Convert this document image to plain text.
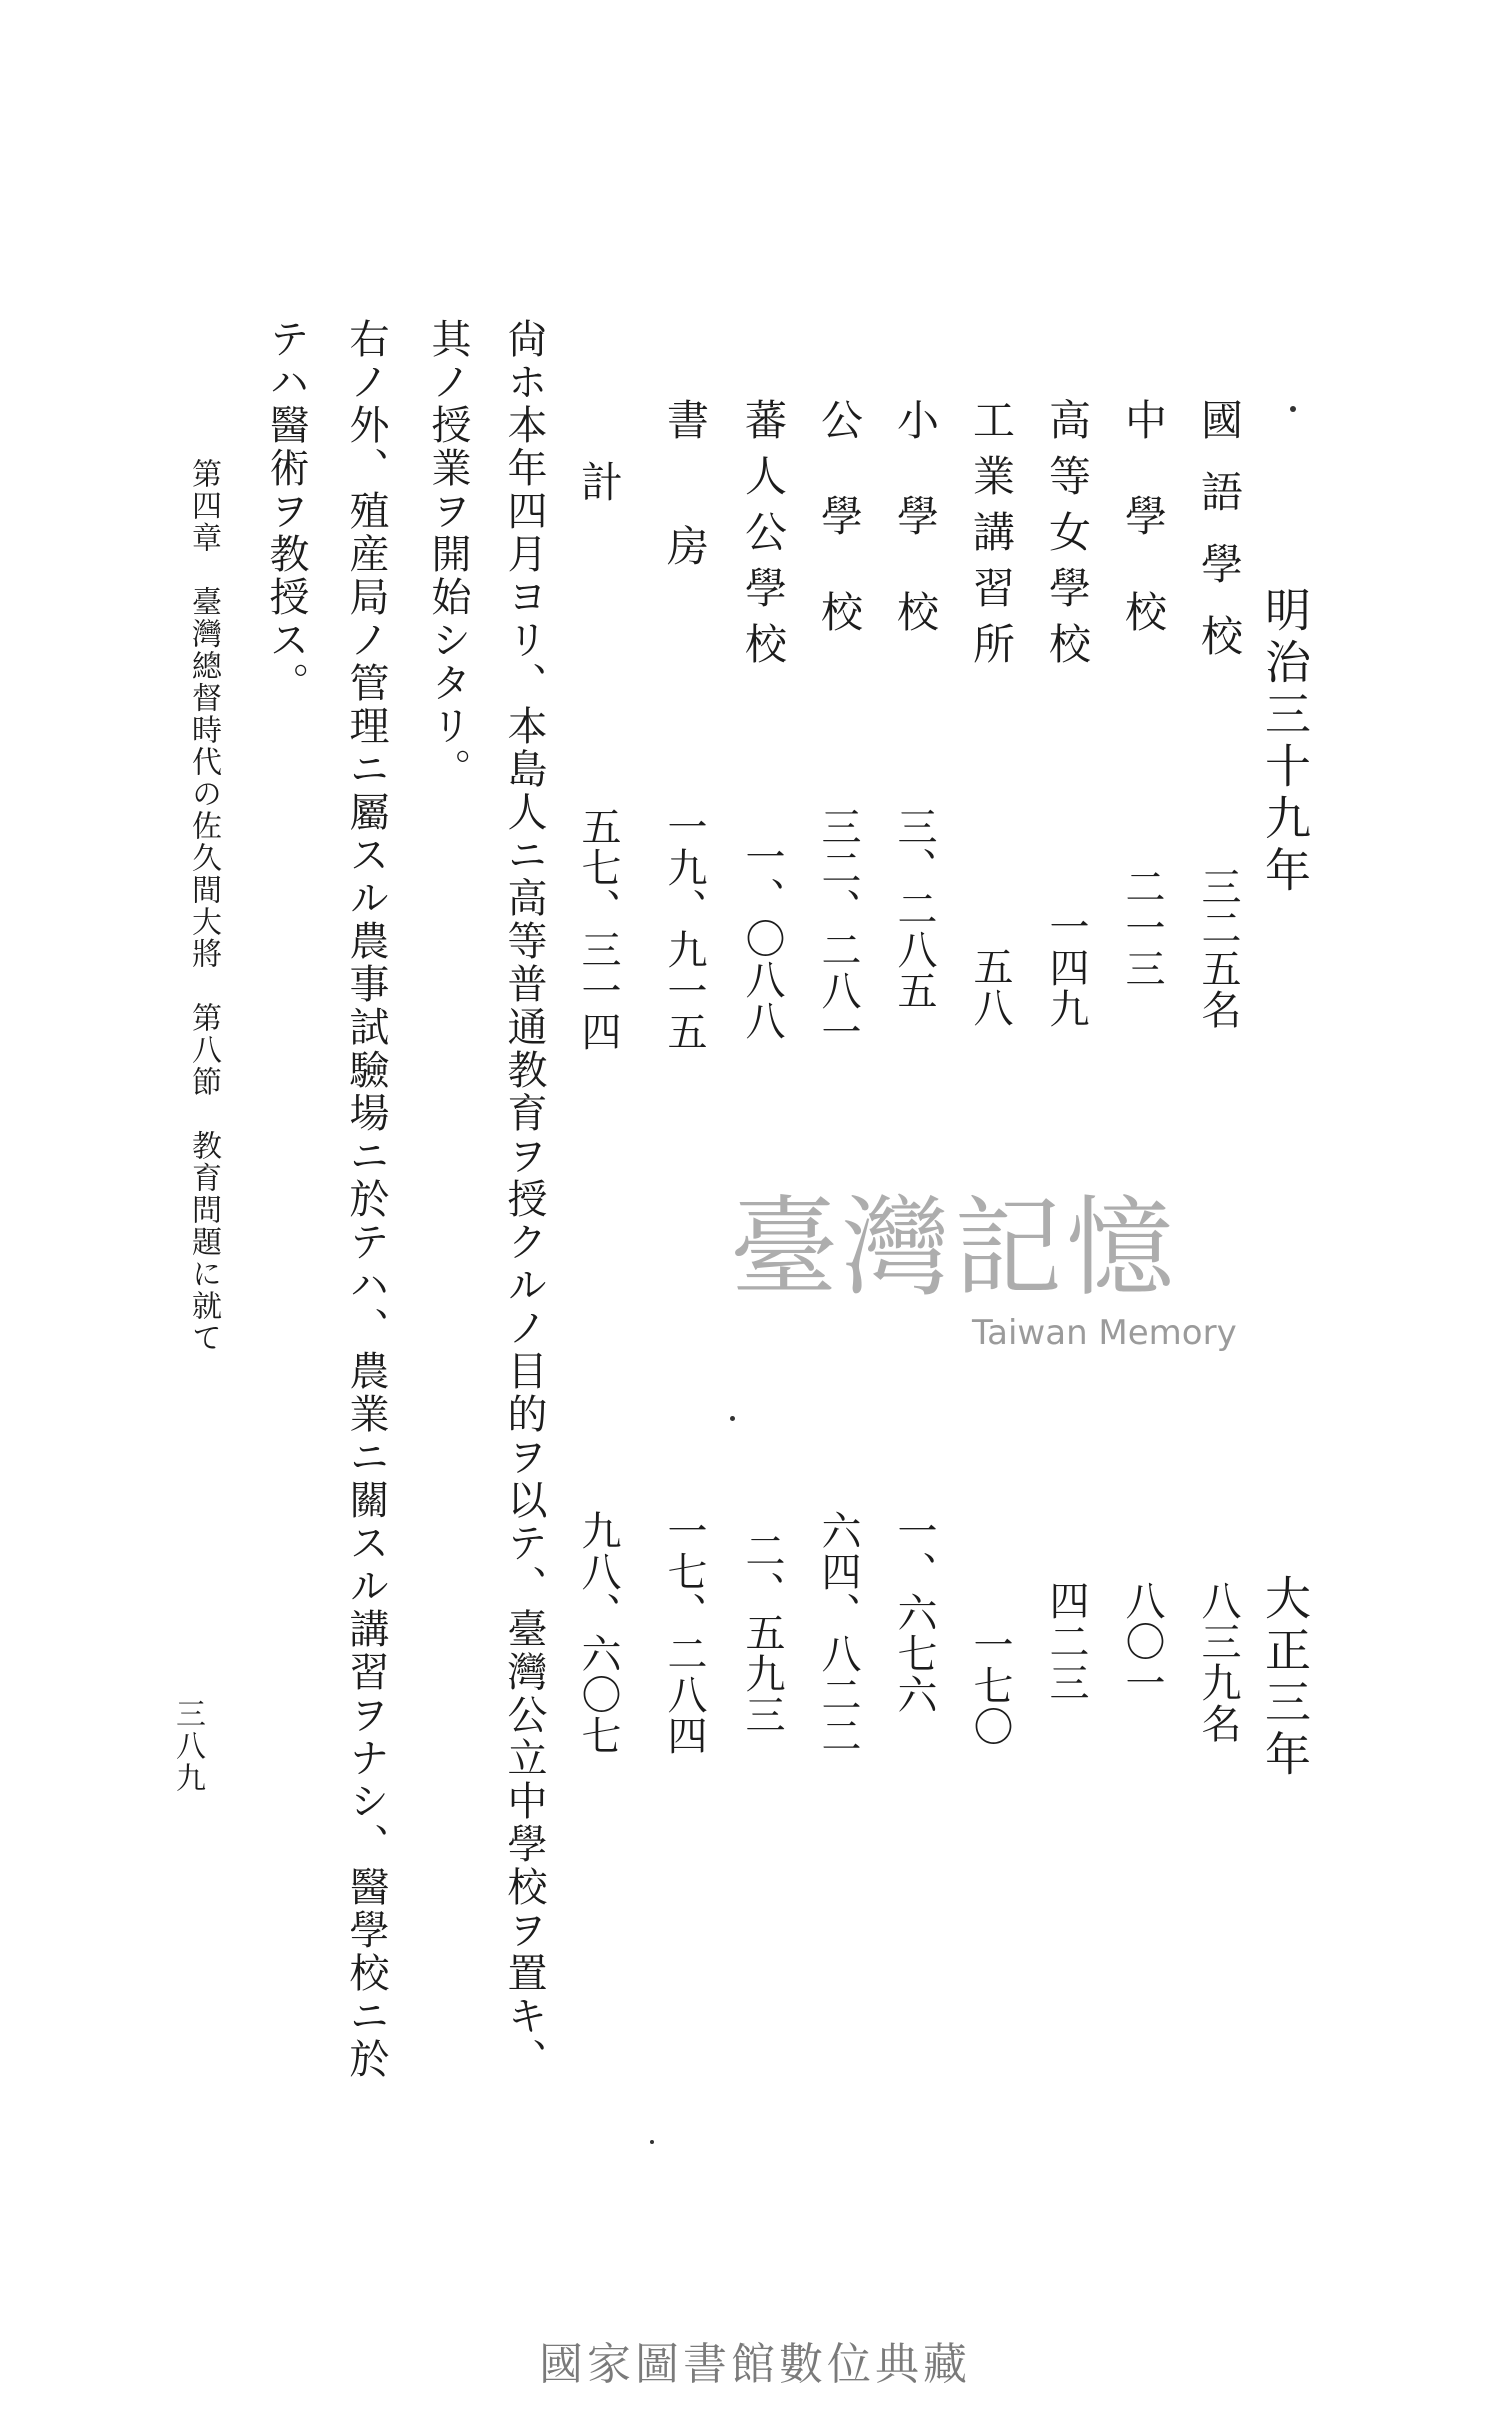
明治三十九年
大正三年
國語學校
中學校
高等女學校
工業講習所
小學校
公學校
蕃人公學校
書　　房
計
三二五名
二一三
一四九
五八
三、二八五
三二、二八一
一、〇八八
一九、九一五
五七、三一四
八三九名
八〇一
四二三
一七〇
一、六七六
六四、八二二
二、五九三
一七、二八四
九八、六〇七
尙ホ本年四月ヨリ、本島人ニ高等普通教育ヲ授クルノ目的ヲ以テ、臺灣公立中學校ヲ置キ、
其ノ授業ヲ開始シタリ。
右ノ外、殖産局ノ管理ニ屬スル農事試驗場ニ於テハ、農業ニ關スル講習ヲナシ、醫學校ニ於
テハ醫術ヲ教授ス。
第四章　臺灣總督時代の佐久間大將　第八節　教育問題に就て
三八九
臺灣記憶
Taiwan Memory
國家圖書館數位典藏
